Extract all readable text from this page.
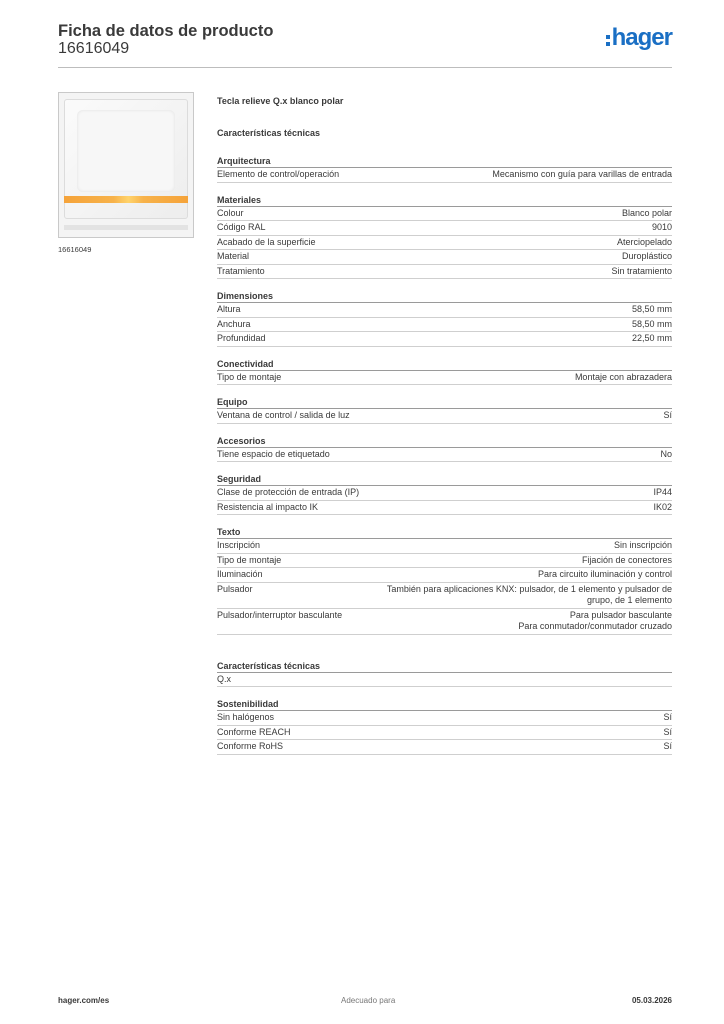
Ficha de datos de producto
16616049	hager
16616049
Tecla relieve Q.x blanco polar
Características técnicas
Arquitectura
Elemento de control/operación	Mecanismo con guía para varillas de entrada
Materiales
Colour	Blanco polar
Código RAL	9010
Acabado de la superficie	Aterciopelado
Material	Duroplástico
Tratamiento	Sin tratamiento
Dimensiones
Altura	58,50 mm
Anchura	58,50 mm
Profundidad	22,50 mm
Conectividad
Tipo de montaje	Montaje con abrazadera
Equipo
Ventana de control / salida de luz	Sí
Accesorios
Tiene espacio de etiquetado	No
Seguridad
Clase de protección de entrada (IP)	IP44
Resistencia al impacto IK	IK02
Texto
Inscripción	Sin inscripción
Tipo de montaje	Fijación de conectores
Iluminación	Para circuito iluminación y control
Pulsador	También para aplicaciones KNX: pulsador, de 1 elemento y pulsador de
grupo, de 1 elemento
Pulsador/interruptor basculante	Para pulsador basculante
Para conmutador/conmutador cruzado
Características técnicas
Q.x
Sostenibilidad
Sin halógenos	Sí
Conforme REACH	Sí
Conforme RoHS	Sí
hager.com/es	Adecuado para	05.03.2026
